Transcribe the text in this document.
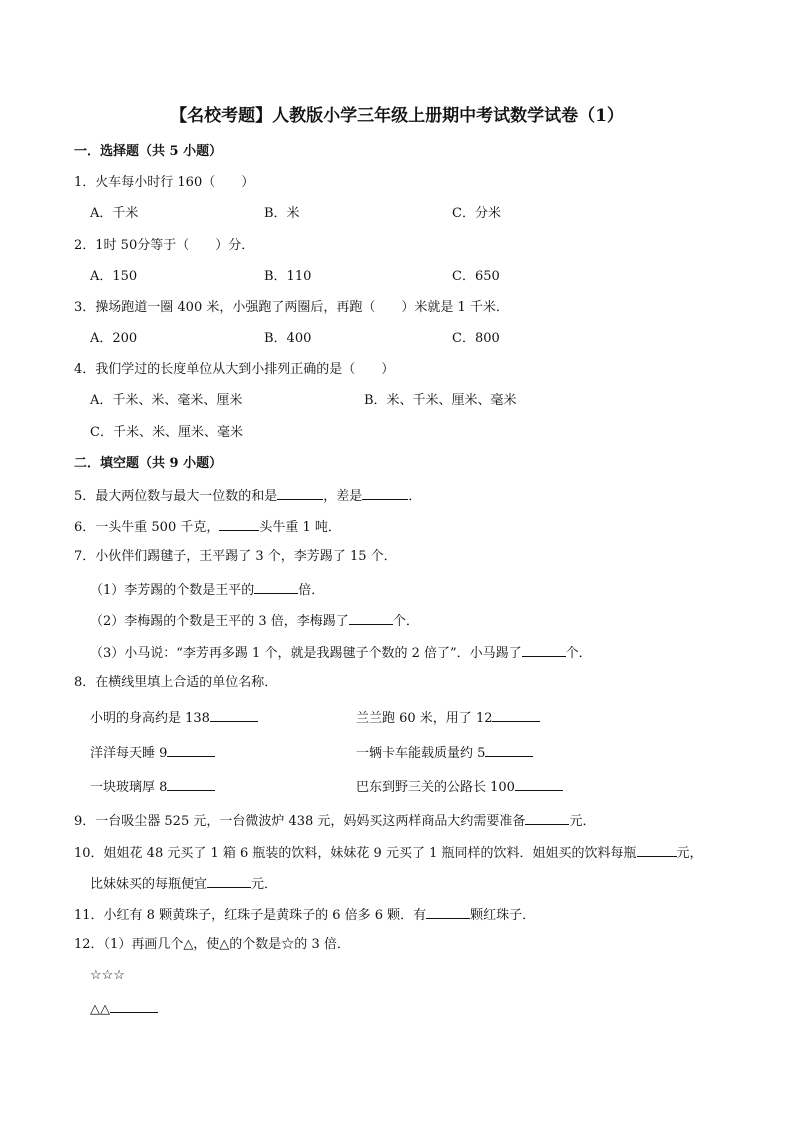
【名校考题】人教版小学三年级上册期中考试数学试卷（1）
一．选择题（共 5 小题）
1．火车每小时行 160（　　）
A．千米	B．米	C．分米
2．1时 50分等于（　　）分．
A．150	B．110	C．650
3．操场跑道一圈 400 米，小强跑了两圈后，再跑（　　）米就是 1 千米．
A．200	B．400	C．800
4．我们学过的长度单位从大到小排列正确的是（　　）
A．千米、米、毫米、厘米	B．米、千米、厘米、毫米
C．千米、米、厘米、毫米
二．填空题（共 9 小题）
5．最大两位数与最大一位数的和是	，差是	．
6．一头牛重 500 千克，	头牛重 1 吨．
7．小伙伴们踢毽子，王平踢了 3 个，李芳踢了 15 个．
（1）李芳踢的个数是王平的	倍．
（2）李梅踢的个数是王平的 3 倍，李梅踢了	个．
（3）小马说：“李芳再多踢 1 个，就是我踢毽子个数的 2 倍了”．小马踢了	个．
8．在横线里填上合适的单位名称．
小明的身高约是 138	兰兰跑 60 米，用了 12
洋洋每天睡 9	一辆卡车能载质量约 5
一块玻璃厚 8	巴东到野三关的公路长 100
9．一台吸尘器 525 元，一台微波炉 438 元，妈妈买这两样商品大约需要准备	元．
10．姐姐花 48 元买了 1 箱 6 瓶装的饮料，妹妹花 9 元买了 1 瓶同样的饮料．姐姐买的饮料每瓶	元，
比妹妹买的每瓶便宜	元．
11．小红有 8 颗黄珠子，红珠子是黄珠子的 6 倍多 6 颗．有	颗红珠子．
12．（1）再画几个△，使△的个数是☆的 3 倍．
☆☆☆
△△
